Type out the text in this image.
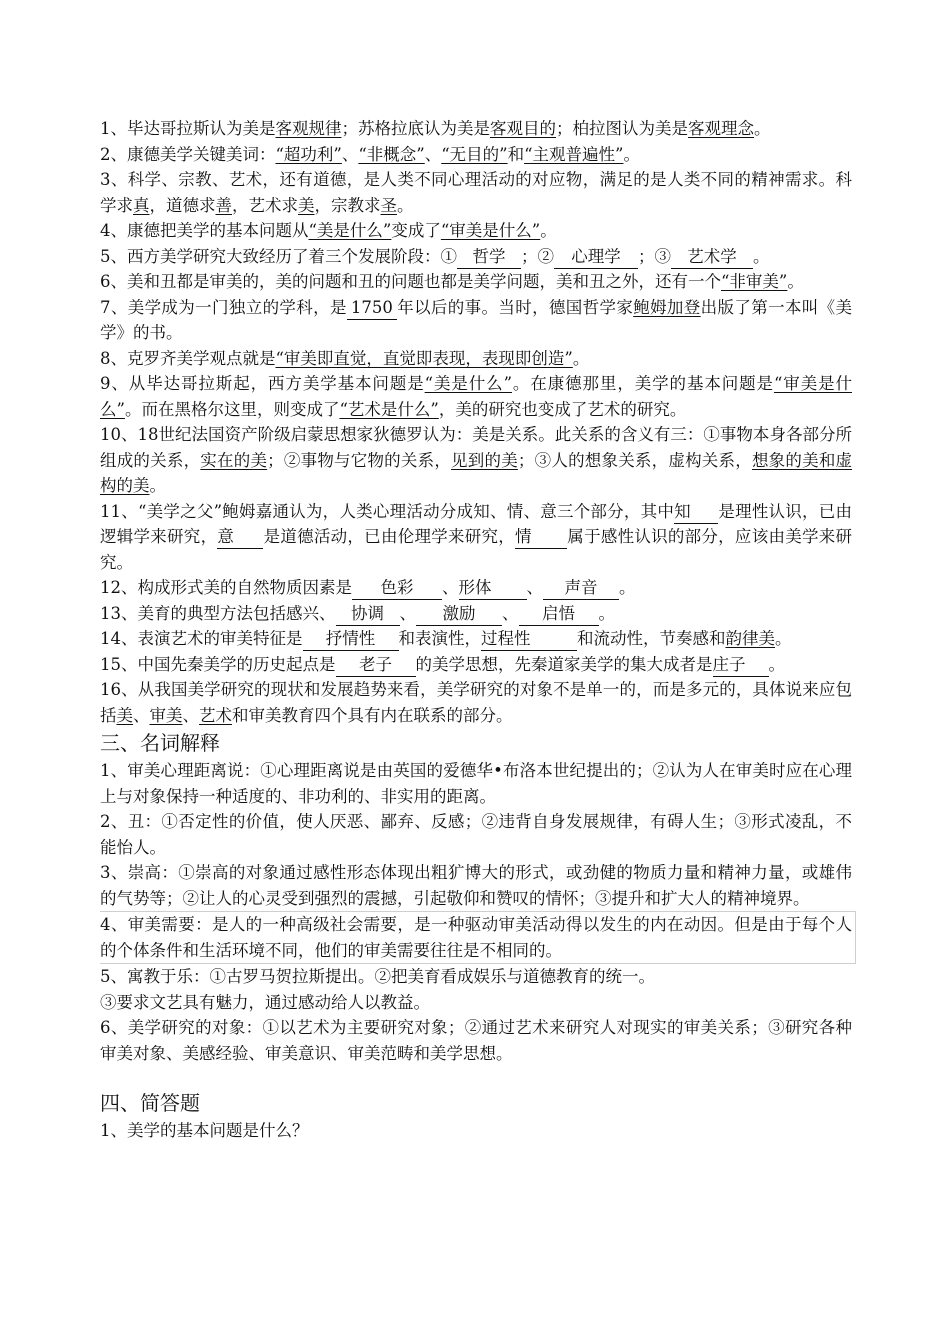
1、毕达哥拉斯认为美是客观规律；苏格拉底认为美是客观目的；柏拉图认为美是客观理念。

2、康德美学关键美词：“超功利”、“非概念”、“无目的”和“主观普遍性”。

3、科学、宗教、艺术，还有道德，是人类不同心理活动的对应物，满足的是人类不同的精神需求。科学求真，道德求善，艺术求美，宗教求圣。

4、康德把美学的基本问题从“美是什么”变成了“审美是什么”。

5、西方美学研究大致经历了着三个发展阶段：① 哲学 ；② 心理学 ；③ 艺术学 。

6、美和丑都是审美的，美的问题和丑的问题也都是美学问题，美和丑之外，还有一个“非审美”。

7、美学成为一门独立的学科，是 1750 年以后的事。当时，德国哲学家鲍姆加登出版了第一本叫《美学》的书。

8、克罗齐美学观点就是“审美即直觉，直觉即表现，表现即创造”。

9、从毕达哥拉斯起，西方美学基本问题是“美是什么”。在康德那里，美学的基本问题是“审美是什么”。而在黑格尔这里，则变成了“艺术是什么”，美的研究也变成了艺术的研究。

10、18世纪法国资产阶级启蒙思想家狄德罗认为：美是关系。此关系的含义有三：①事物本身各部分所组成的关系，实在的美；②事物与它物的关系，见到的美；③人的想象关系，虚构关系，想象的美和虚构的美。

11、“美学之父”鲍姆嘉通认为，人类心理活动分成知、情、意三个部分，其中知 是理性认识，已由逻辑学来研究，意 是道德活动，已由伦理学来研究，情 属于感性认识的部分，应该由美学来研究。

12、构成形式美的自然物质因素是 色彩 、形体 、 声音 。

13、美育的典型方法包括感兴、 协调 、 激励 、 启悟 。

14、表演艺术的审美特征是 抒情性 和表演性，过程性	和流动性，节奏感和韵律美。

15、中国先秦美学的历史起点是 老子 的美学思想，先秦道家美学的集大成者是庄子 。

16、从我国美学研究的现状和发展趋势来看，美学研究的对象不是单一的，而是多元的，具体说来应包括美、审美、艺术和审美教育四个具有内在联系的部分。

三、名词解释

1、审美心理距离说：①心理距离说是由英国的爱德华•布洛本世纪提出的；②认为人在审美时应在心理上与对象保持一种适度的、非功利的、非实用的距离。

2、丑：①否定性的价值，使人厌恶、鄙弃、反感；②违背自身发展规律，有碍人生；③形式凌乱，不能怡人。

3、崇高：①崇高的对象通过感性形态体现出粗犷博大的形式，或劲健的物质力量和精神力量，或雄伟的气势等；②让人的心灵受到强烈的震撼，引起敬仰和赞叹的情怀；③提升和扩大人的精神境界。

4、审美需要：是人的一种高级社会需要，是一种驱动审美活动得以发生的内在动因。但是由于每个人的个体条件和生活环境不同，他们的审美需要往往是不相同的。

5、寓教于乐：①古罗马贺拉斯提出。②把美育看成娱乐与道德教育的统一。

③要求文艺具有魅力，通过感动给人以教益。

6、美学研究的对象：①以艺术为主要研究对象；②通过艺术来研究人对现实的审美关系；③研究各种审美对象、美感经验、审美意识、审美范畴和美学思想。

四、简答题

1、美学的基本问题是什么？
